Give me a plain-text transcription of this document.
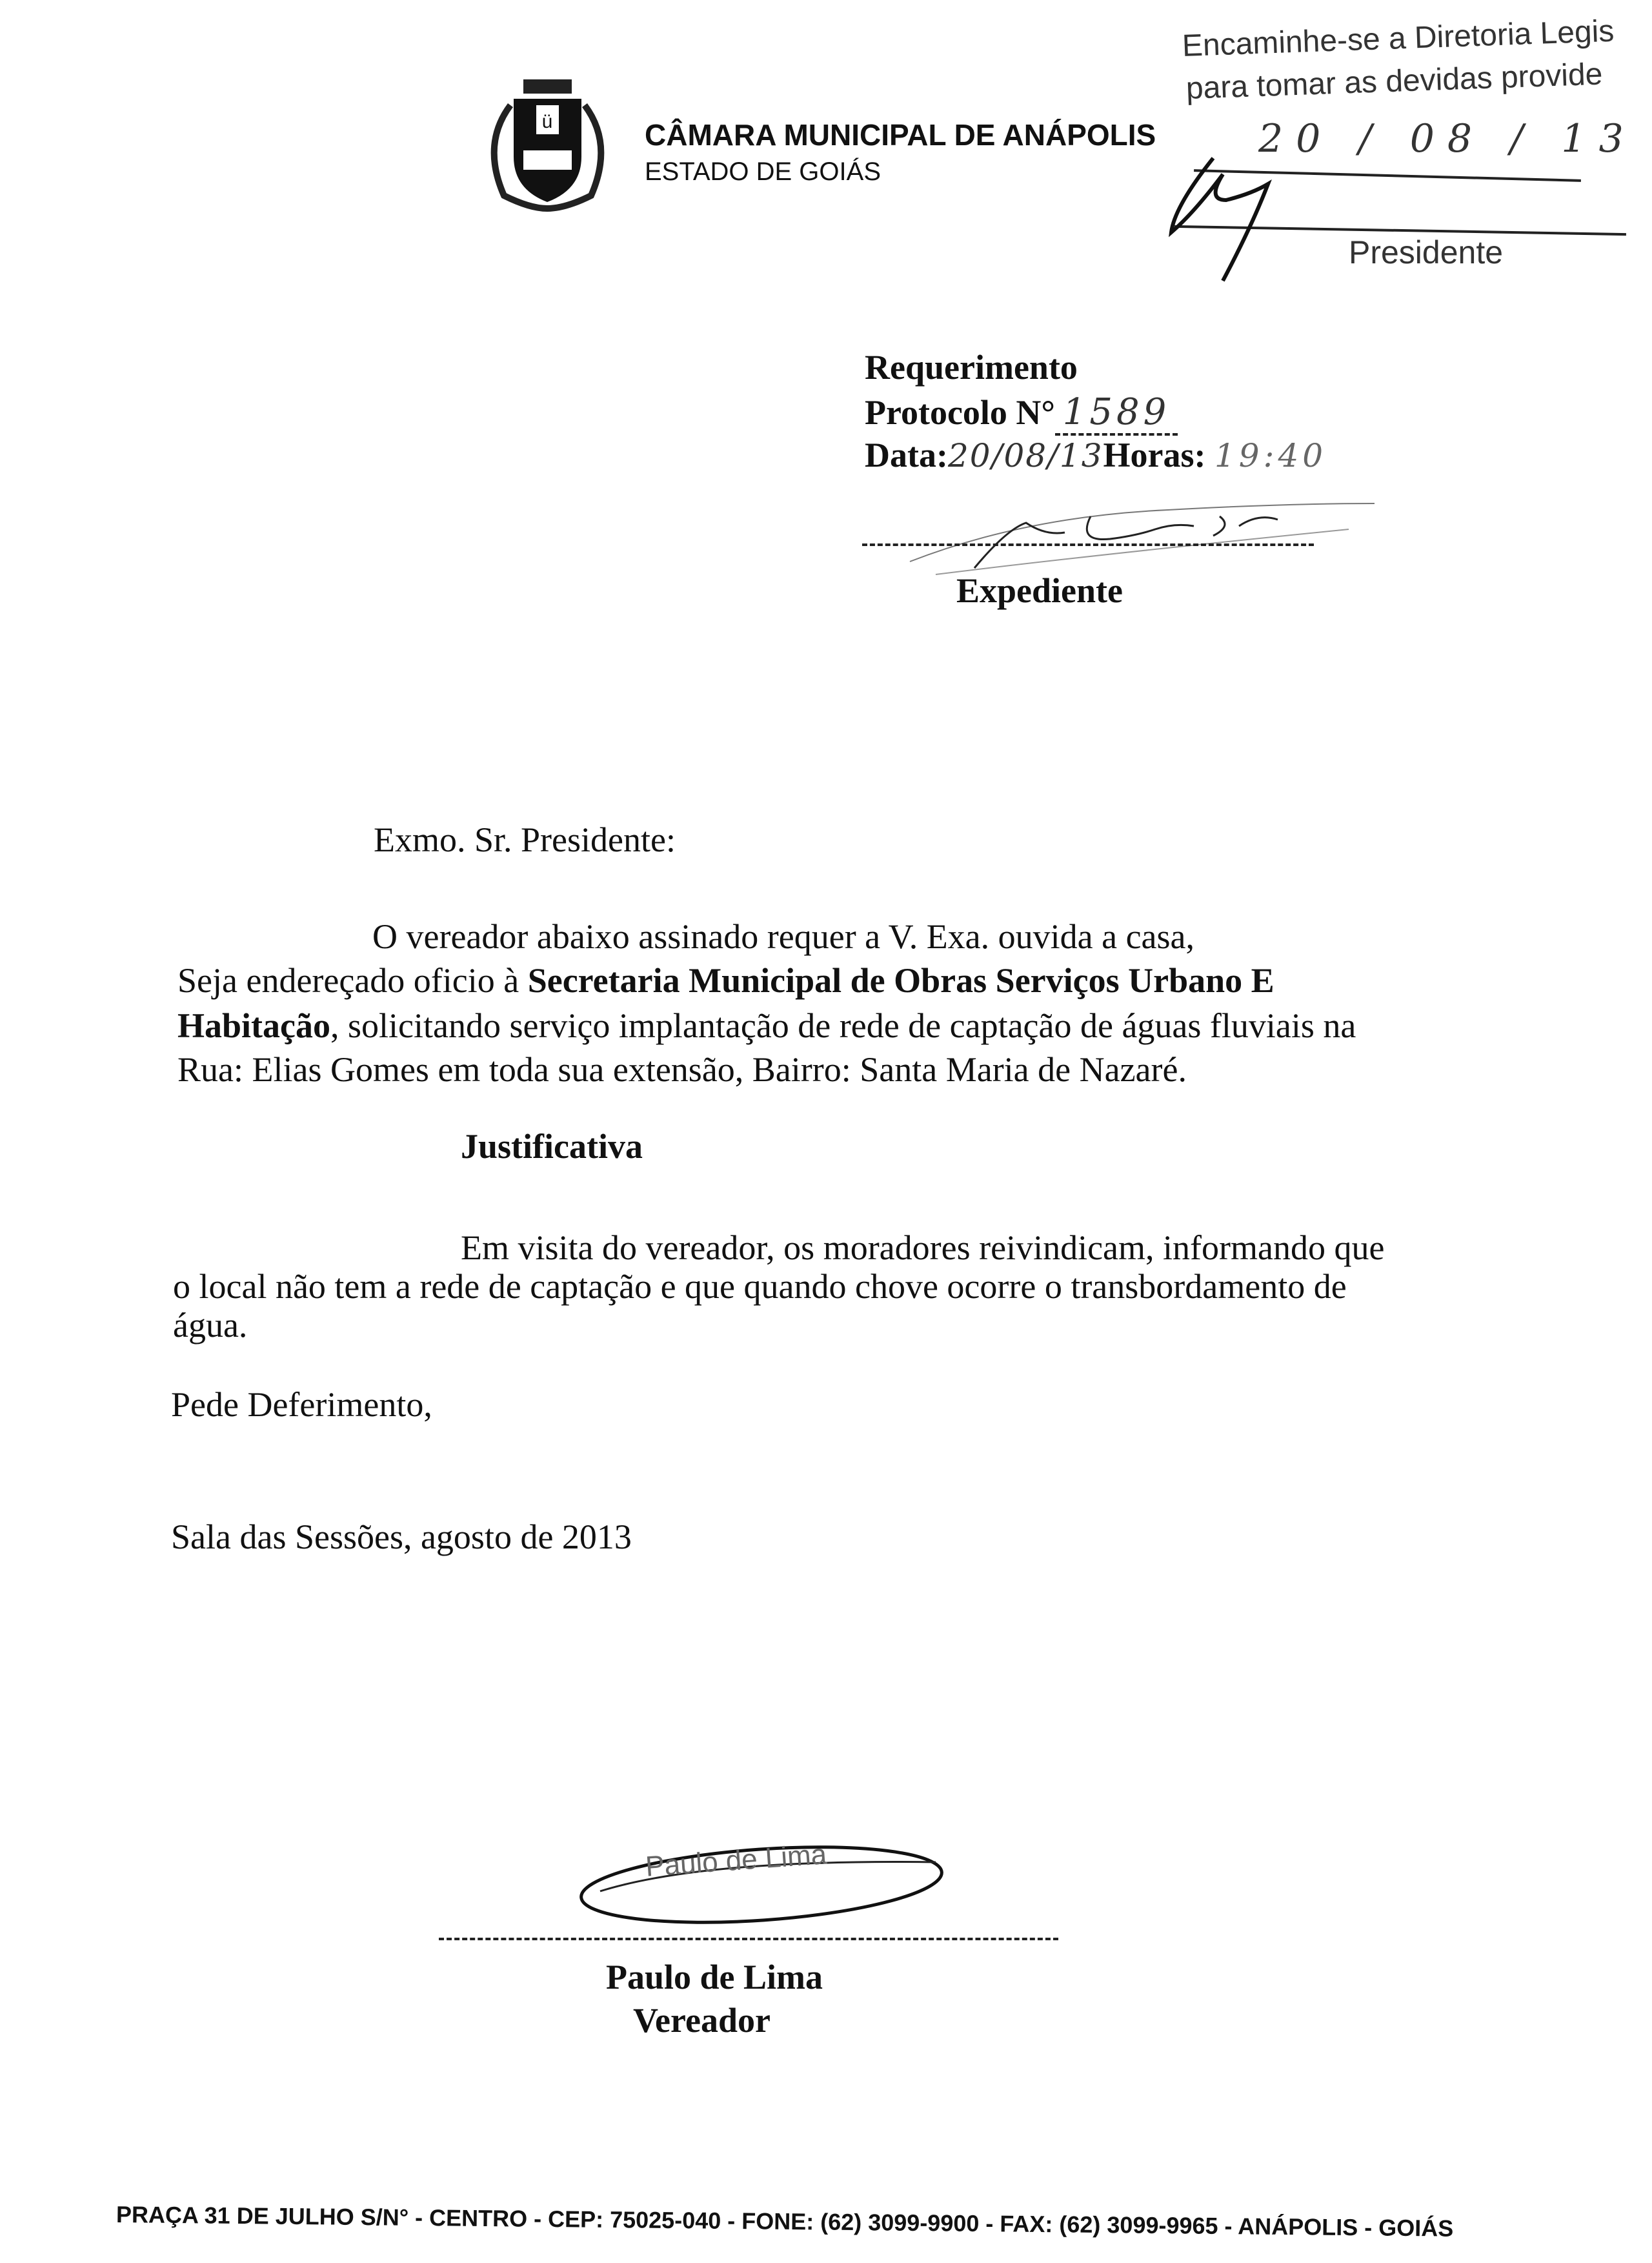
ü	CÂMARA MUNICIPAL DE ANÁPOLIS
ESTADO DE GOIÁS
Encaminhe-se a Diretoria Legis
para tomar as devidas provide
20 / 08 / 13
Presidente
Requerimento
Protocolo N° 1589
Data:20/08/13Horas: 19:40
Expediente
Exmo. Sr. Presidente:
O vereador abaixo assinado requer a V. Exa. ouvida a casa,
Seja endereçado oficio à Secretaria Municipal de Obras Serviços Urbano E
Habitação, solicitando serviço implantação de rede de captação de águas fluviais na
Rua: Elias Gomes em toda sua extensão, Bairro: Santa Maria de Nazaré.
Justificativa
Em visita do vereador, os moradores reivindicam, informando que
o local não tem a rede de captação e que quando chove ocorre o transbordamento de
água.
Pede Deferimento,
Sala das Sessões, agosto de 2013
Paulo de Lima
Paulo de Lima
Vereador
PRAÇA 31 DE JULHO S/N° - CENTRO - CEP: 75025-040 - FONE: (62) 3099-9900 - FAX: (62) 3099-9965 - ANÁPOLIS - GOIÁS
